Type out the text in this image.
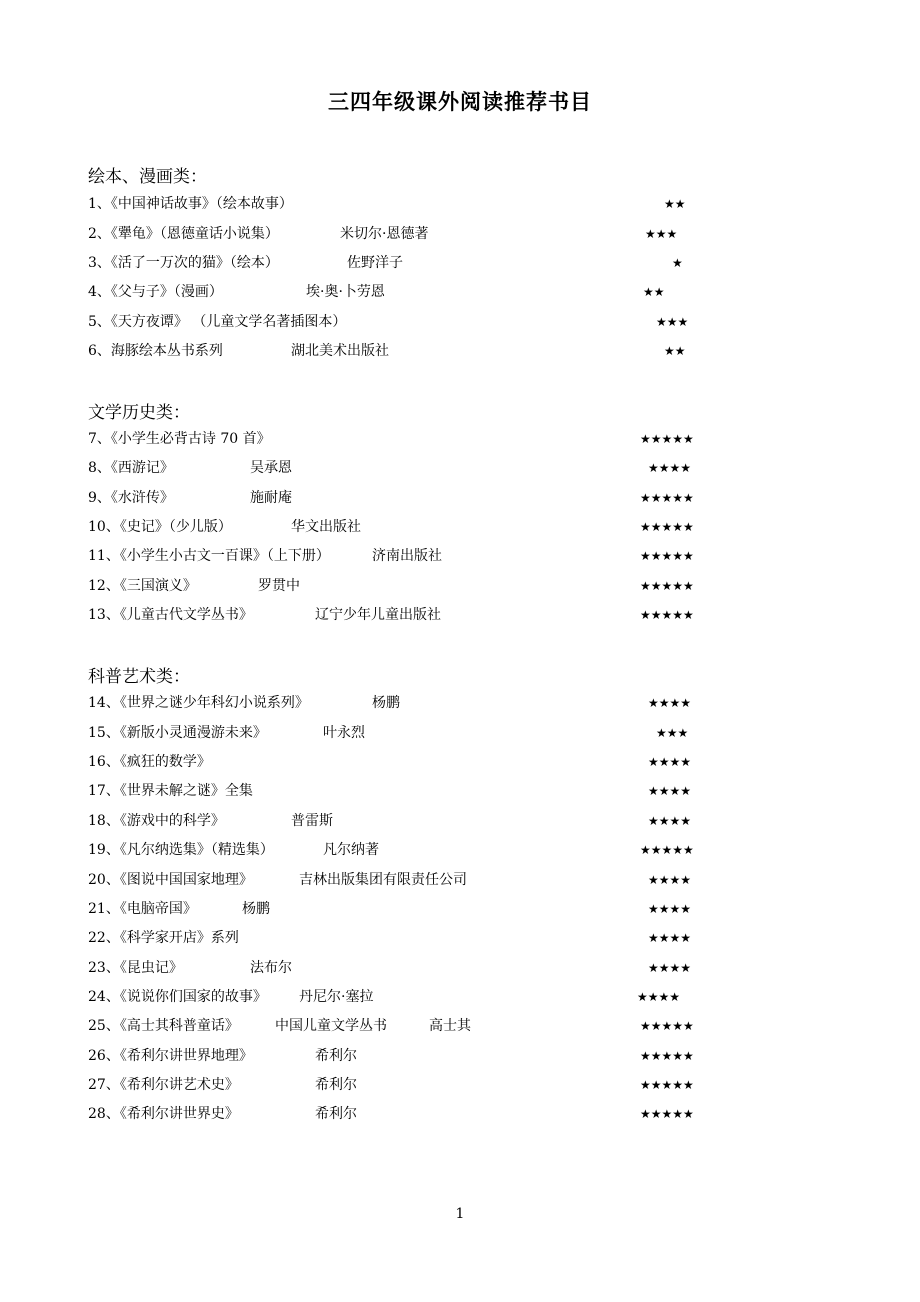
三四年级课外阅读推荐书目
绘本、漫画类：
1、《中国神话故事》（绘本故事）	★★
2、《犟龟》（恩德童话小说集）	米切尔·恩德著	★★★
3、《活了一万次的猫》（绘本）	佐野洋子	★
4、《父与子》（漫画）	埃·奥·卜劳恩	★★
5、《天方夜谭》 （儿童文学名著插图本）	★★★
6、海豚绘本丛书系列	湖北美术出版社	★★
文学历史类：
7、《小学生必背古诗 70 首》	★★★★★
8、《西游记》	吴承恩	★★★★
9、《水浒传》	施耐庵	★★★★★
10、《史记》（少儿版）	华文出版社	★★★★★
11、《小学生小古文一百课》（上下册）	济南出版社	★★★★★
12、《三国演义》	罗贯中	★★★★★
13、《儿童古代文学丛书》	辽宁少年儿童出版社	★★★★★
科普艺术类：
14、《世界之谜少年科幻小说系列》	杨鹏	★★★★
15、《新版小灵通漫游未来》	叶永烈	★★★
16、《疯狂的数学》	★★★★
17、《世界未解之谜》全集	★★★★
18、《游戏中的科学》	普雷斯	★★★★
19、《凡尔纳选集》（精选集）	凡尔纳著	★★★★★
20、《图说中国国家地理》	吉林出版集团有限责任公司	★★★★
21、《电脑帝国》	杨鹏	★★★★
22、《科学家开店》系列	★★★★
23、《昆虫记》	法布尔	★★★★
24、《说说你们国家的故事》 丹尼尔·塞拉	★★★★
25、《高士其科普童话》	中国儿童文学丛书	高士其	★★★★★
26、《希利尔讲世界地理》	希利尔	★★★★★
27、《希利尔讲艺术史》	希利尔	★★★★★
28、《希利尔讲世界史》	希利尔	★★★★★
1
